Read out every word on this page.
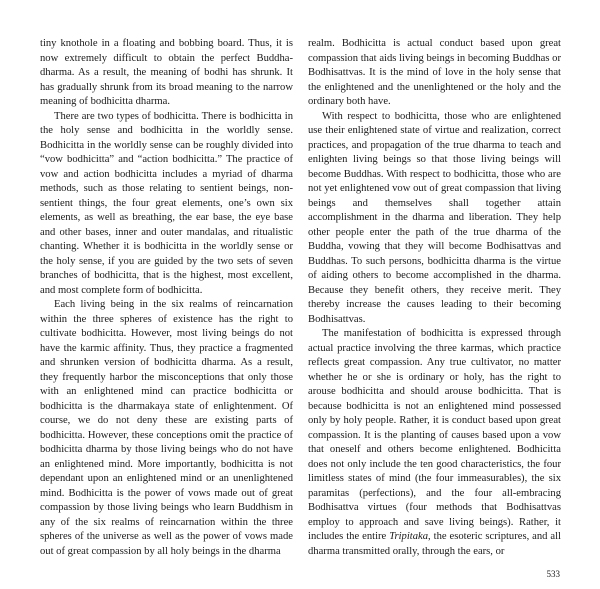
tiny knothole in a floating and bobbing board. Thus, it is now extremely difficult to obtain the perfect Buddha-dharma. As a result, the meaning of bodhi has shrunk. It has gradually shrunk from its broad meaning to the narrow meaning of bodhicitta dharma.

There are two types of bodhicitta. There is bodhicitta in the holy sense and bodhicitta in the worldly sense. Bodhicitta in the worldly sense can be roughly divided into “vow bodhicitta” and “action bodhicitta.” The practice of vow and action bodhicitta includes a myriad of dharma methods, such as those relating to sentient beings, non-sentient things, the four great elements, one’s own six elements, as well as breathing, the ear base, the eye base and other bases, inner and outer mandalas, and ritualistic chanting. Whether it is bodhicitta in the worldly sense or the holy sense, if you are guided by the two sets of seven branches of bodhicitta, that is the highest, most excellent, and most complete form of bodhicitta.

Each living being in the six realms of reincarnation within the three spheres of existence has the right to cultivate bodhicitta. However, most living beings do not have the karmic affinity. Thus, they practice a fragmented and shrunken version of bodhicitta dharma. As a result, they frequently harbor the misconceptions that only those with an enlightened mind can practice bodhicitta or bodhicitta is the dharmakaya state of enlightenment. Of course, we do not deny these are existing parts of bodhicitta. However, these conceptions omit the practice of bodhicitta dharma by those living beings who do not have an enlightened mind. More importantly, bodhicitta is not dependant upon an enlightened mind or an unenlightened mind. Bodhicitta is the power of vows made out of great compassion by those living beings who learn Buddhism in any of the six realms of reincarnation within the three spheres of the universe as well as the power of vows made out of great compassion by all holy beings in the dharma

realm. Bodhicitta is actual conduct based upon great compassion that aids living beings in becoming Buddhas or Bodhisattvas. It is the mind of love in the holy sense that the enlightened and the unenlightened or the holy and the ordinary both have.

With respect to bodhicitta, those who are enlightened use their enlightened state of virtue and realization, correct practices, and propagation of the true dharma to teach and enlighten living beings so that those living beings will become Buddhas. With respect to bodhicitta, those who are not yet enlightened vow out of great compassion that living beings and themselves shall together attain accomplishment in the dharma and liberation. They help other people enter the path of the true dharma of the Buddha, vowing that they will become Bodhisattvas and Buddhas. To such persons, bodhicitta dharma is the virtue of aiding others to become accomplished in the dharma. Because they benefit others, they receive merit. They thereby increase the causes leading to their becoming Bodhisattvas.

The manifestation of bodhicitta is expressed through actual practice involving the three karmas, which practice reflects great compassion. Any true cultivator, no matter whether he or she is ordinary or holy, has the right to arouse bodhicitta and should arouse bodhicitta. That is because bodhicitta is not an enlightened mind possessed only by holy people. Rather, it is conduct based upon great compassion. It is the planting of causes based upon a vow that oneself and others become enlightened. Bodhicitta does not only include the ten good characteristics, the four limitless states of mind (the four immeasurables), the six paramitas (perfections), and the four all-embracing Bodhisattva virtues (four methods that Bodhisattvas employ to approach and save living beings). Rather, it includes the entire Tripitaka, the esoteric scriptures, and all dharma transmitted orally, through the ears, or

533
